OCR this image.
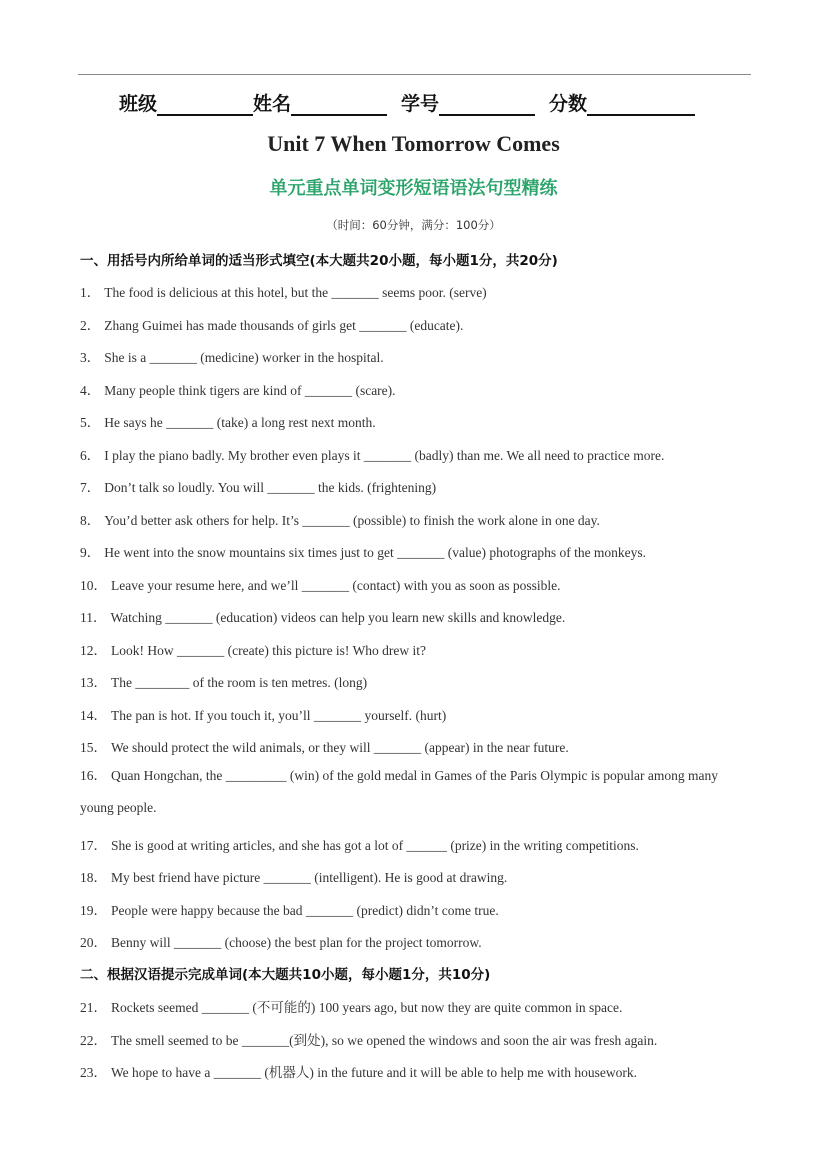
班级	姓名	学号	分数
Unit 7 When Tomorrow Comes
单元重点单词变形短语语法句型精练
（时间：60分钟，满分：100分）
一、用括号内所给单词的适当形式填空(本大题共20小题，每小题1分，共20分)
1． The food is delicious at this hotel, but the _______ seems poor. (serve)
2． Zhang Guimei has made thousands of girls get _______ (educate).
3． She is a _______ (medicine) worker in the hospital.
4． Many people think tigers are kind of _______ (scare).
5． He says he _______ (take) a long rest next month.
6． I play the piano badly. My brother even plays it _______ (badly) than me. We all need to practice more.
7． Don’t talk so loudly. You will _______ the kids. (frightening)
8． You’d better ask others for help. It’s _______ (possible) to finish the work alone in one day.
9． He went into the snow mountains six times just to get _______ (value) photographs of the monkeys.
10． Leave your resume here, and we’ll _______ (contact) with you as soon as possible.
11． Watching _______ (education) videos can help you learn new skills and knowledge.
12． Look! How _______ (create) this picture is! Who drew it?
13． The ________ of the room is ten metres. (long)
14． The pan is hot. If you touch it, you’ll _______ yourself. (hurt)
15． We should protect the wild animals, or they will _______ (appear) in the near future.
16． Quan Hongchan, the _________ (win) of the gold medal in Games of the Paris Olympic is popular among many young people.
17． She is good at writing articles, and she has got a lot of ______ (prize) in the writing competitions.
18． My best friend have picture _______ (intelligent). He is good at drawing.
19． People were happy because the bad _______ (predict) didn’t come true.
20． Benny will _______ (choose) the best plan for the project tomorrow.
二、根据汉语提示完成单词(本大题共10小题，每小题1分，共10分)
21． Rockets seemed _______ (不可能的) 100 years ago, but now they are quite common in space.
22． The smell seemed to be _______(到处), so we opened the windows and soon the air was fresh again.
23． We hope to have a _______ (机器人) in the future and it will be able to help me with housework.
